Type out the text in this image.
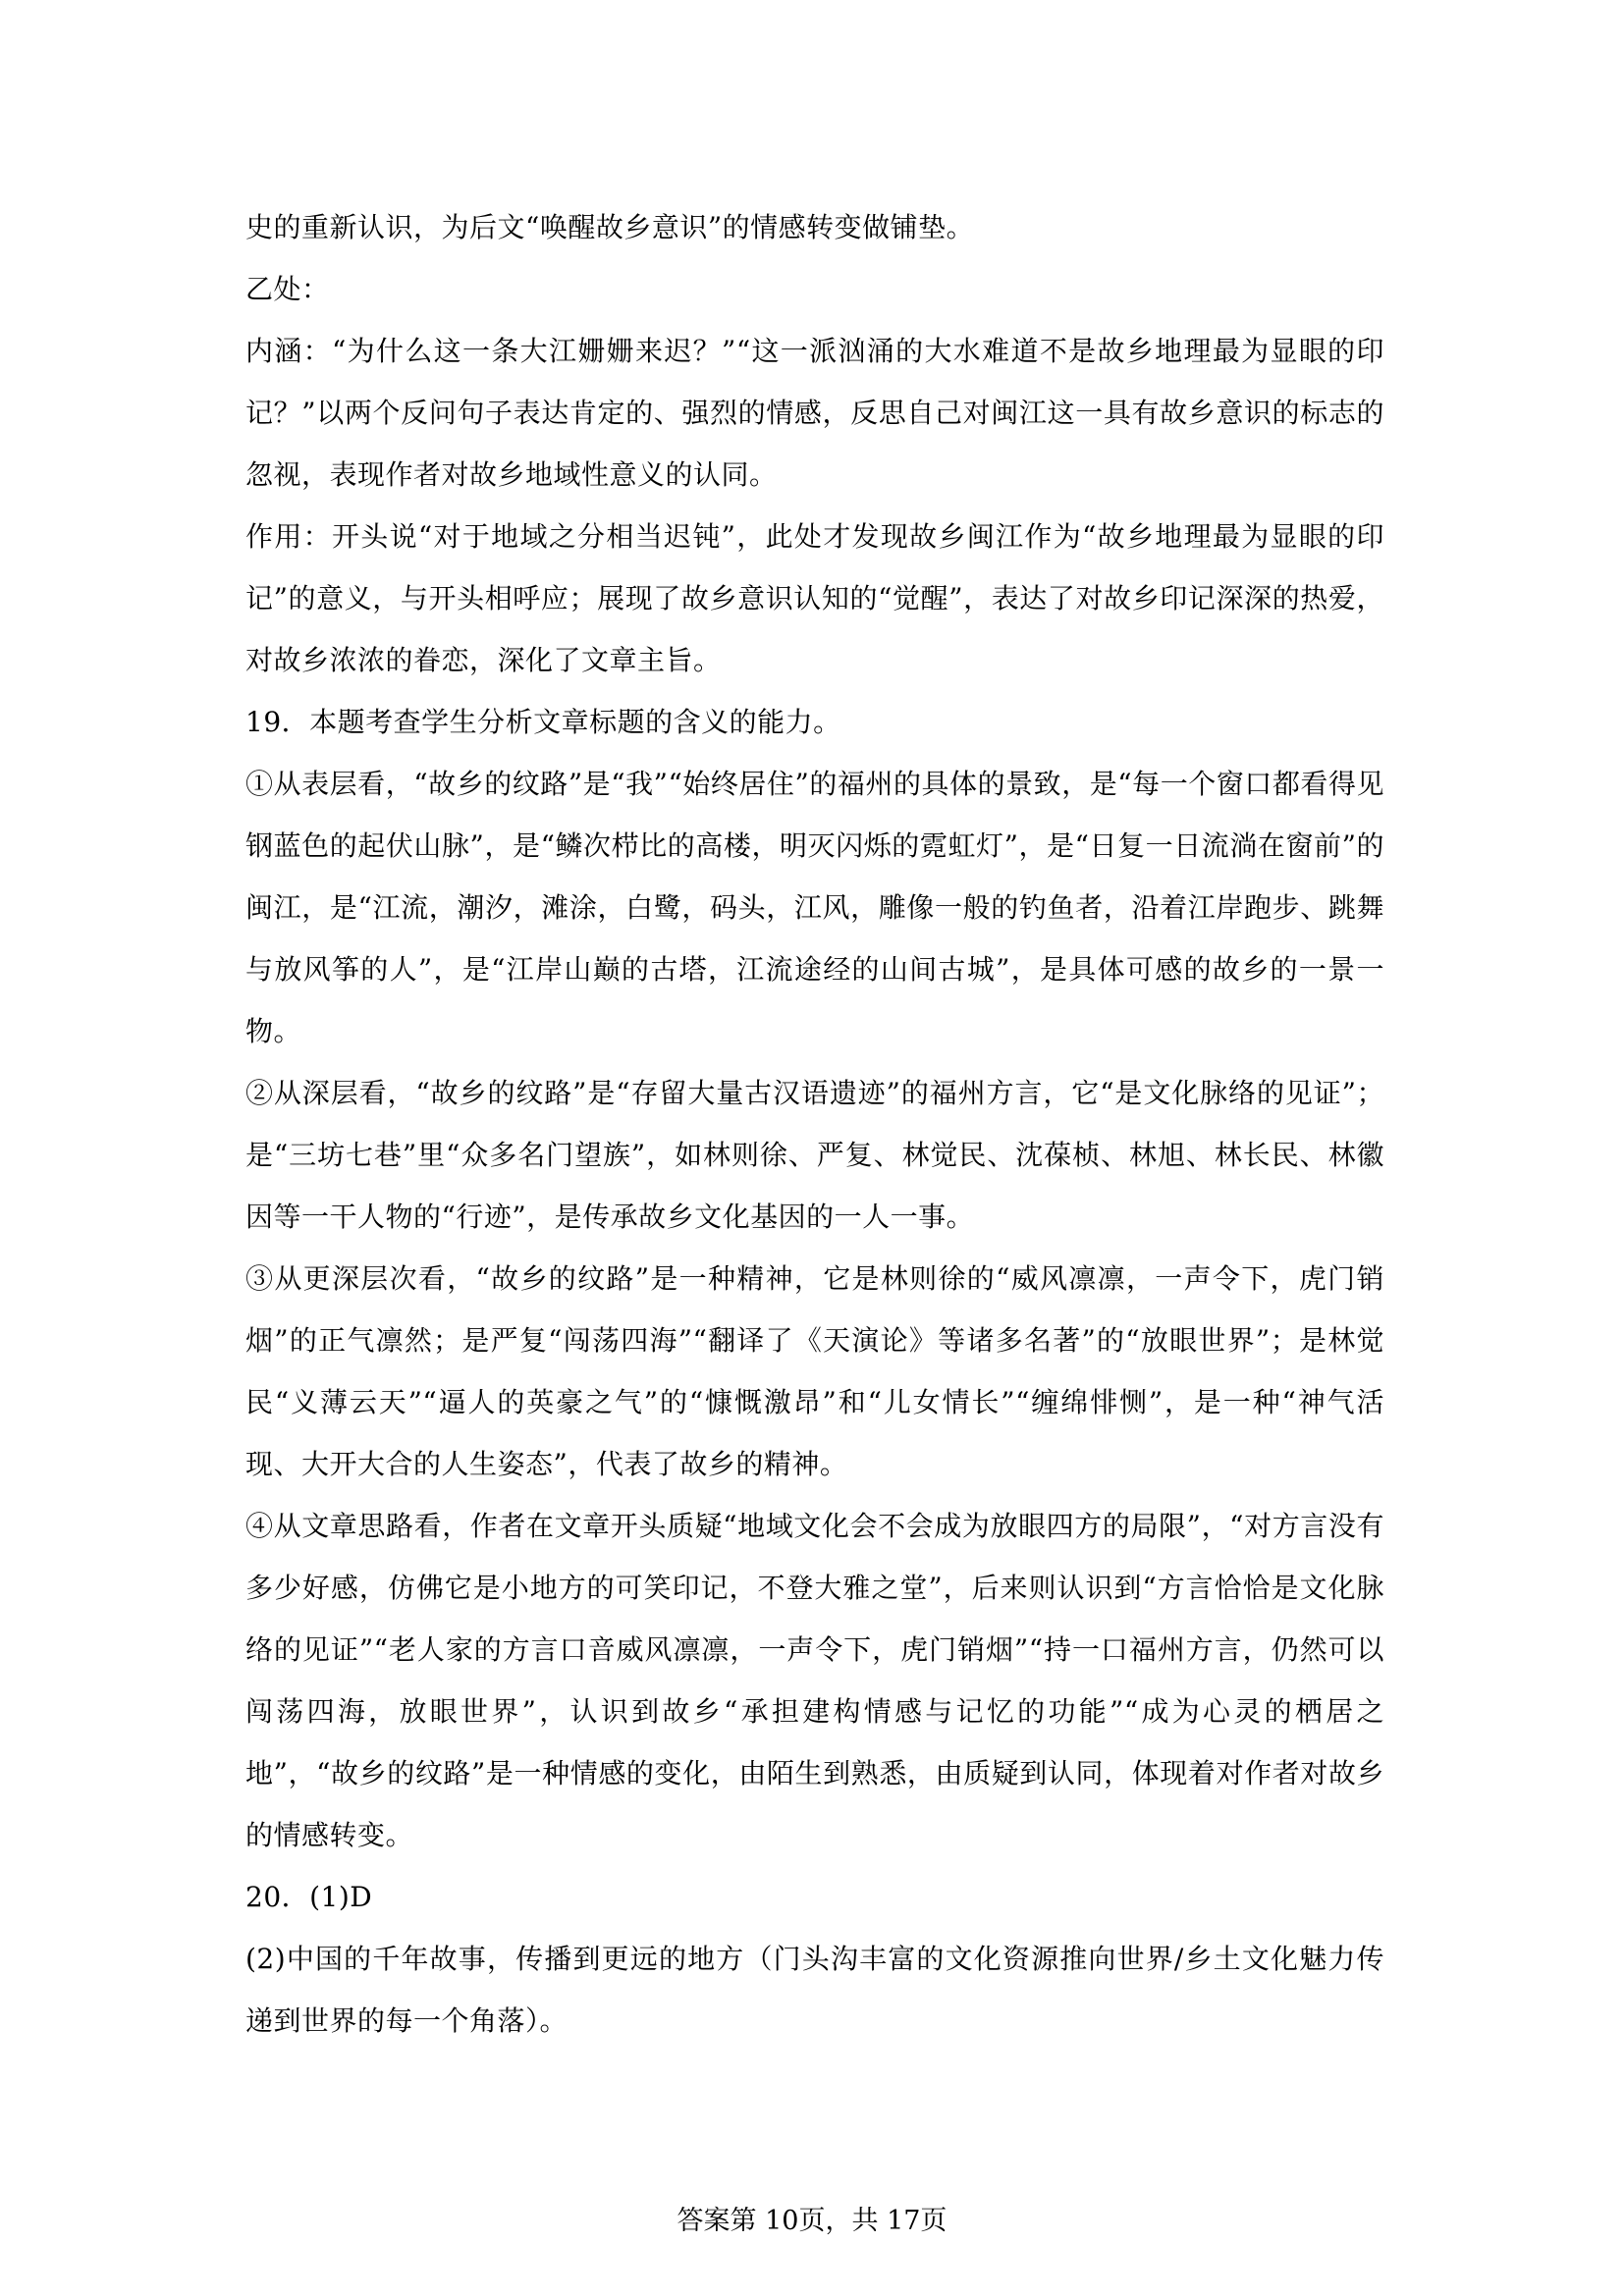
史的重新认识，为后文“唤醒故乡意识”的情感转变做铺垫。

乙处：

内涵：“为什么这一条大江姗姗来迟？”“这一派汹涌的大水难道不是故乡地理最为显眼的印记？”以两个反问句子表达肯定的、强烈的情感，反思自己对闽江这一具有故乡意识的标志的忽视，表现作者对故乡地域性意义的认同。

作用：开头说“对于地域之分相当迟钝”，此处才发现故乡闽江作为“故乡地理最为显眼的印记”的意义，与开头相呼应；展现了故乡意识认知的“觉醒”，表达了对故乡印记深深的热爱，对故乡浓浓的眷恋，深化了文章主旨。

19．本题考查学生分析文章标题的含义的能力。

①从表层看，“故乡的纹路”是“我”“始终居住”的福州的具体的景致，是“每一个窗口都看得见钢蓝色的起伏山脉”，是“鳞次栉比的高楼，明灭闪烁的霓虹灯”，是“日复一日流淌在窗前”的闽江，是“江流，潮汐，滩涂，白鹭，码头，江风，雕像一般的钓鱼者，沿着江岸跑步、跳舞与放风筝的人”，是“江岸山巅的古塔，江流途经的山间古城”，是具体可感的故乡的一景一物。

②从深层看，“故乡的纹路”是“存留大量古汉语遗迹”的福州方言，它“是文化脉络的见证”；是“三坊七巷”里“众多名门望族”，如林则徐、严复、林觉民、沈葆桢、林旭、林长民、林徽因等一干人物的“行迹”，是传承故乡文化基因的一人一事。

③从更深层次看，“故乡的纹路”是一种精神，它是林则徐的“威风凛凛，一声令下，虎门销烟”的正气凛然；是严复“闯荡四海”“翻译了《天演论》等诸多名著”的“放眼世界”；是林觉民“义薄云天”“逼人的英豪之气”的“慷慨激昂”和“儿女情长”“缠绵悱恻”，是一种“神气活现、大开大合的人生姿态”，代表了故乡的精神。

④从文章思路看，作者在文章开头质疑“地域文化会不会成为放眼四方的局限”，“对方言没有多少好感，仿佛它是小地方的可笑印记，不登大雅之堂”，后来则认识到“方言恰恰是文化脉络的见证”“老人家的方言口音威风凛凛，一声令下，虎门销烟”“持一口福州方言，仍然可以闯荡四海，放眼世界”，认识到故乡“承担建构情感与记忆的功能”“成为心灵的栖居之地”，“故乡的纹路”是一种情感的变化，由陌生到熟悉，由质疑到认同，体现着对作者对故乡的情感转变。

20．(1)D

(2)中国的千年故事，传播到更远的地方（门头沟丰富的文化资源推向世界/乡土文化魅力传递到世界的每一个角落）。

答案第 10页，共 17页
